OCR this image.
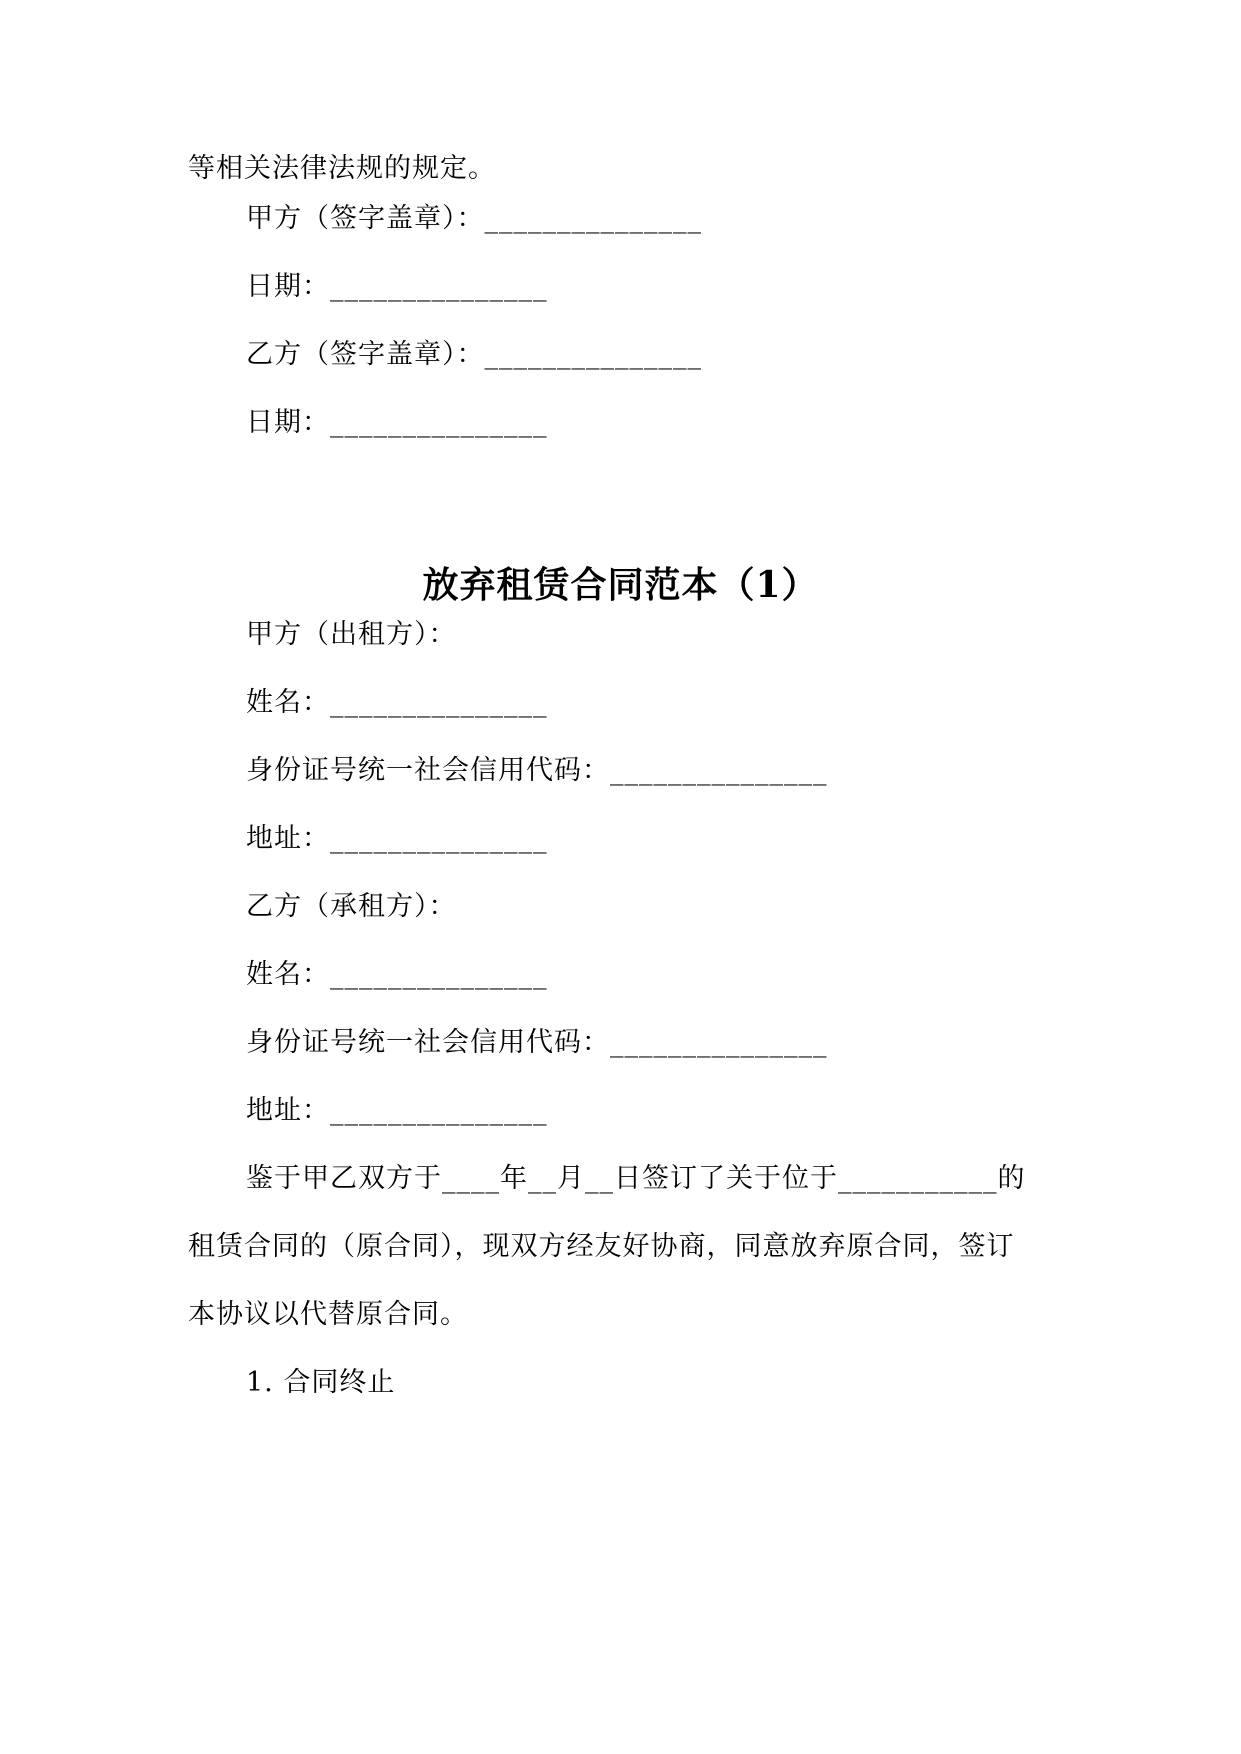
等相关法律法规的规定。
甲方（签字盖章）：_______________
日期：_______________
乙方（签字盖章）：_______________
日期：_______________
放弃租赁合同范本（1）
甲方（出租方）：
姓名：_______________
身份证号统一社会信用代码：_______________
地址：_______________
乙方（承租方）：
姓名：_______________
身份证号统一社会信用代码：_______________
地址：_______________
鉴于甲乙双方于____年__月__日签订了关于位于___________的
租赁合同的（原合同），现双方经友好协商，同意放弃原合同，签订
本协议以代替原合同。
1. 合同终止
